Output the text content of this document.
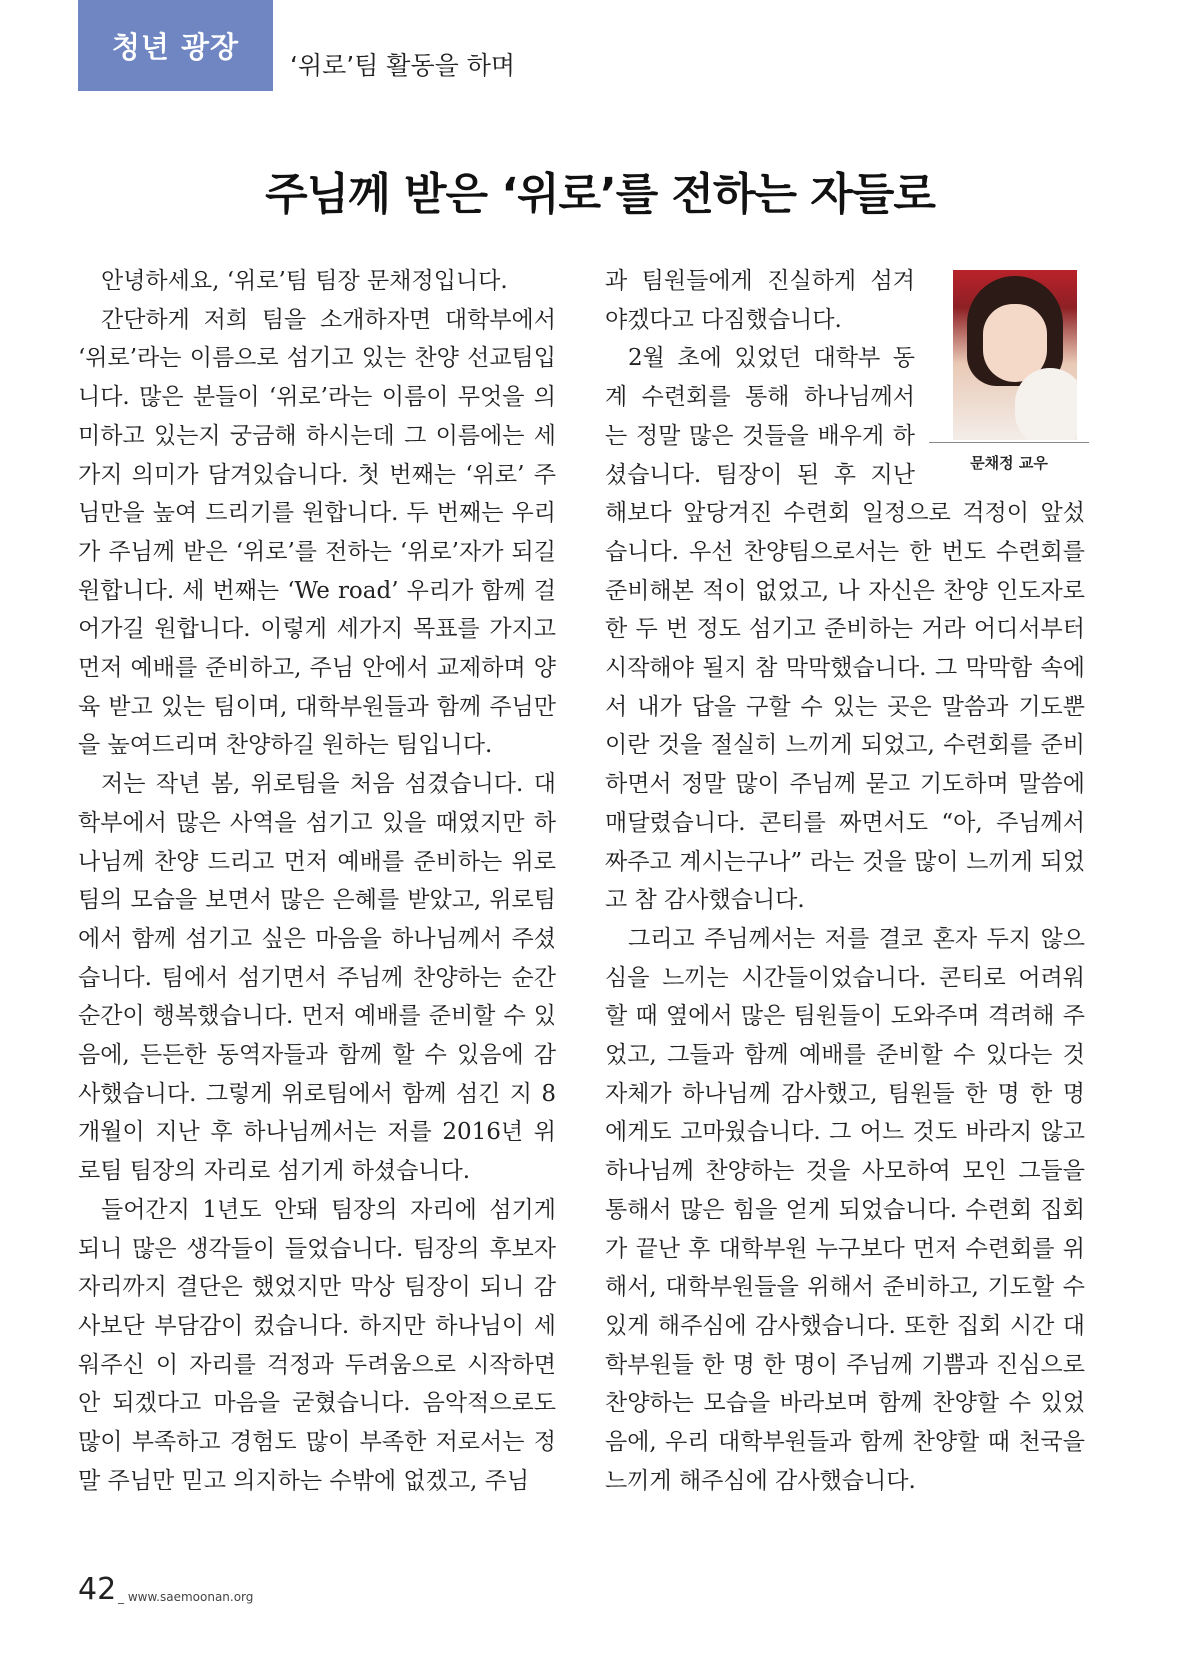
청년 광장
‘위로’팀 활동을 하며
주님께 받은 ‘위로’를 전하는 자들로

안녕하세요, ‘위로’팀 팀장 문채정입니다.

간단하게 저희 팀을 소개하자면 대학부에서 ‘위로’라는 이름으로 섬기고 있는 찬양 선교팀입니다. 많은 분들이 ‘위로’라는 이름이 무엇을 의미하고 있는지 궁금해 하시는데 그 이름에는 세 가지 의미가 담겨있습니다. 첫 번째는 ‘위로’ 주님만을 높여 드리기를 원합니다. 두 번째는 우리가 주님께 받은 ‘위로’를 전하는 ‘위로’자가 되길 원합니다. 세 번째는 ‘We road’ 우리가 함께 걸어가길 원합니다. 이렇게 세가지 목표를 가지고 먼저 예배를 준비하고, 주님 안에서 교제하며 양육 받고 있는 팀이며, 대학부원들과 함께 주님만을 높여드리며 찬양하길 원하는 팀입니다.

저는 작년 봄, 위로팀을 처음 섬겼습니다. 대학부에서 많은 사역을 섬기고 있을 때였지만 하나님께 찬양 드리고 먼저 예배를 준비하는 위로팀의 모습을 보면서 많은 은혜를 받았고, 위로팀에서 함께 섬기고 싶은 마음을 하나님께서 주셨습니다. 팀에서 섬기면서 주님께 찬양하는 순간순간이 행복했습니다. 먼저 예배를 준비할 수 있음에, 든든한 동역자들과 함께 할 수 있음에 감사했습니다. 그렇게 위로팀에서 함께 섬긴 지 8개월이 지난 후 하나님께서는 저를 2016년 위로팀 팀장의 자리로 섬기게 하셨습니다.

들어간지 1년도 안돼 팀장의 자리에 섬기게 되니 많은 생각들이 들었습니다. 팀장의 후보자 자리까지 결단은 했었지만 막상 팀장이 되니 감사보단 부담감이 컸습니다. 하지만 하나님이 세워주신 이 자리를 걱정과 두려움으로 시작하면 안 되겠다고 마음을 굳혔습니다. 음악적으로도 많이 부족하고 경험도 많이 부족한 저로서는 정말 주님만 믿고 의지하는 수밖에 없겠고, 주님

문채정 교우

과 팀원들에게 진실하게 섬겨야겠다고 다짐했습니다.

2월 초에 있었던 대학부 동계 수련회를 통해 하나님께서는 정말 많은 것들을 배우게 하셨습니다. 팀장이 된 후 지난 해보다 앞당겨진 수련회 일정으로 걱정이 앞섰습니다. 우선 찬양팀으로서는 한 번도 수련회를 준비해본 적이 없었고, 나 자신은 찬양 인도자로 한 두 번 정도 섬기고 준비하는 거라 어디서부터 시작해야 될지 참 막막했습니다. 그 막막함 속에서 내가 답을 구할 수 있는 곳은 말씀과 기도뿐이란 것을 절실히 느끼게 되었고, 수련회를 준비하면서 정말 많이 주님께 묻고 기도하며 말씀에 매달렸습니다. 콘티를 짜면서도 “아, 주님께서 짜주고 계시는구나” 라는 것을 많이 느끼게 되었고 참 감사했습니다.

그리고 주님께서는 저를 결코 혼자 두지 않으심을 느끼는 시간들이었습니다. 콘티로 어려워할 때 옆에서 많은 팀원들이 도와주며 격려해 주었고, 그들과 함께 예배를 준비할 수 있다는 것 자체가 하나님께 감사했고, 팀원들 한 명 한 명에게도 고마웠습니다. 그 어느 것도 바라지 않고 하나님께 찬양하는 것을 사모하여 모인 그들을 통해서 많은 힘을 얻게 되었습니다. 수련회 집회가 끝난 후 대학부원 누구보다 먼저 수련회를 위해서, 대학부원들을 위해서 준비하고, 기도할 수 있게 해주심에 감사했습니다. 또한 집회 시간 대학부원들 한 명 한 명이 주님께 기쁨과 진심으로 찬양하는 모습을 바라보며 함께 찬양할 수 있었음에, 우리 대학부원들과 함께 찬양할 때 천국을 느끼게 해주심에 감사했습니다.

42 _ www.saemoonan.org
